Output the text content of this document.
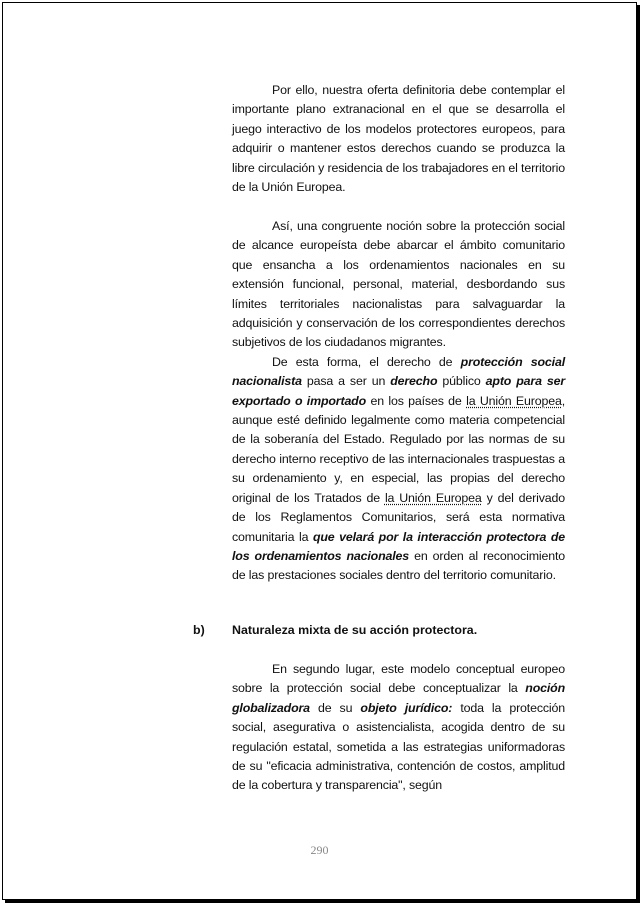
Por ello, nuestra oferta definitoria debe contemplar el importante plano extranacional en el que se desarrolla el juego interactivo de los modelos protectores europeos, para adquirir o mantener estos derechos cuando se produzca la libre circulación y residencia de los trabajadores en el territorio de la Unión Europea.

Así, una congruente noción sobre la protección social de alcance europeísta debe abarcar el ámbito comunitario que ensancha a los ordenamientos nacionales en su extensión funcional, personal, material, desbordando sus límites territoriales nacionalistas para salvaguardar la adquisición y conservación de los correspondientes derechos subjetivos de los ciudadanos migrantes.

De esta forma, el derecho de protección social nacionalista pasa a ser un derecho público apto para ser exportado o importado en los países de la Unión Europea, aunque esté definido legalmente como materia competencial de la soberanía del Estado. Regulado por las normas de su derecho interno receptivo de las internacionales traspuestas a su ordenamiento y, en especial, las propias del derecho original de los Tratados de la Unión Europea y del derivado de los Reglamentos Comunitarios, será esta normativa comunitaria la que velará por la interacción protectora de los ordenamientos nacionales en orden al reconocimiento de las prestaciones sociales dentro del territorio comunitario.

b) Naturaleza mixta de su acción protectora.

En segundo lugar, este modelo conceptual europeo sobre la protección social debe conceptualizar la noción globalizadora de su objeto jurídico: toda la protección social, asegurativa o asistencialista, acogida dentro de su regulación estatal, sometida a las estrategias uniformadoras de su "eficacia administrativa, contención de costos, amplitud de la cobertura y transparencia", según

290
